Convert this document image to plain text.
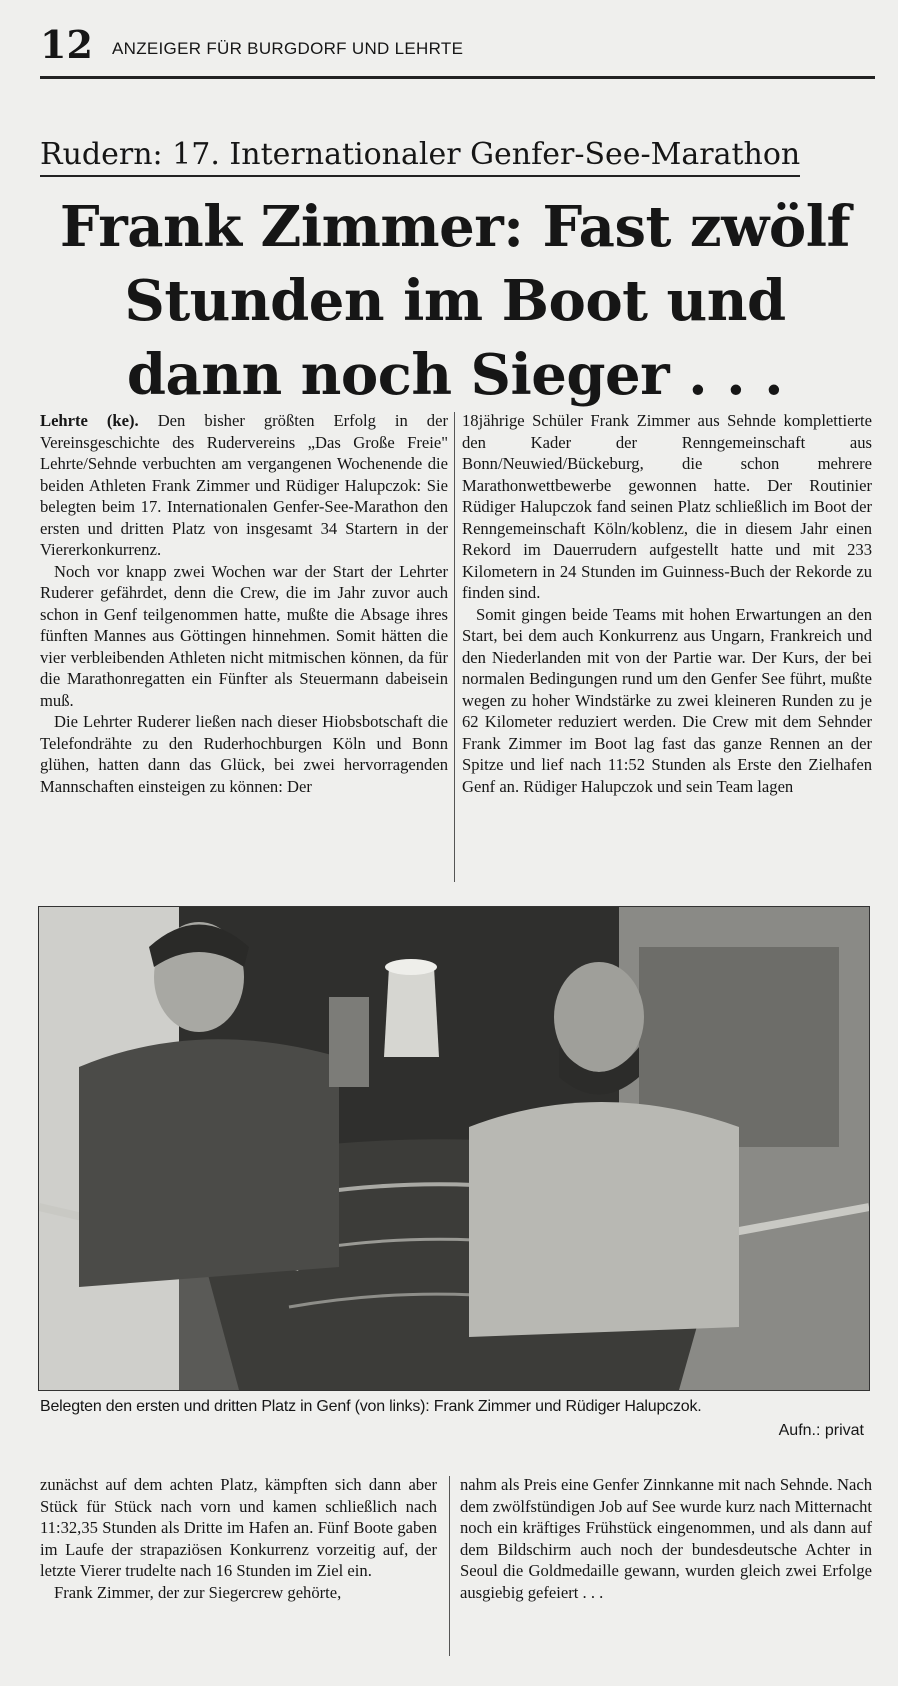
12 ANZEIGER FÜR BURGDORF UND LEHRTE
Rudern: 17. Internationaler Genfer-See-Marathon
Frank Zimmer: Fast zwölf
Stunden im Boot und
dann noch Sieger . . .

Lehrte (ke). Den bisher größten Erfolg in der Vereinsgeschichte des Rudervereins „Das Große Freie" Lehrte/Sehnde verbuchten am vergangenen Wochenende die beiden Athleten Frank Zimmer und Rüdiger Halupczok: Sie belegten beim 17. Internationalen Genfer-See-Marathon den ersten und dritten Platz von insgesamt 34 Startern in der Viererkonkurrenz.

Noch vor knapp zwei Wochen war der Start der Lehrter Ruderer gefährdet, denn die Crew, die im Jahr zuvor auch schon in Genf teilgenommen hatte, mußte die Absage ihres fünften Mannes aus Göttingen hinnehmen. Somit hätten die vier verbleibenden Athleten nicht mitmischen können, da für die Marathonregatten ein Fünfter als Steuermann dabeisein muß.

Die Lehrter Ruderer ließen nach dieser Hiobsbotschaft die Telefondrähte zu den Ruderhochburgen Köln und Bonn glühen, hatten dann das Glück, bei zwei hervorragenden Mannschaften einsteigen zu können: Der

18jährige Schüler Frank Zimmer aus Sehnde komplettierte den Kader der Renngemeinschaft aus Bonn/Neuwied/Bückeburg, die schon mehrere Marathonwettbewerbe gewonnen hatte. Der Routinier Rüdiger Halupczok fand seinen Platz schließlich im Boot der Renngemeinschaft Köln/koblenz, die in diesem Jahr einen Rekord im Dauerrudern aufgestellt hatte und mit 233 Kilometern in 24 Stunden im Guinness-Buch der Rekorde zu finden sind.

Somit gingen beide Teams mit hohen Erwartungen an den Start, bei dem auch Konkurrenz aus Ungarn, Frankreich und den Niederlanden mit von der Partie war. Der Kurs, der bei normalen Bedingungen rund um den Genfer See führt, mußte wegen zu hoher Windstärke zu zwei kleineren Runden zu je 62 Kilometer reduziert werden. Die Crew mit dem Sehnder Frank Zimmer im Boot lag fast das ganze Rennen an der Spitze und lief nach 11:52 Stunden als Erste den Zielhafen Genf an. Rüdiger Halupczok und sein Team lagen

Belegten den ersten und dritten Platz in Genf (von links): Frank Zimmer und Rüdiger Halupczok.
Aufn.: privat

zunächst auf dem achten Platz, kämpften sich dann aber Stück für Stück nach vorn und kamen schließlich nach 11:32,35 Stunden als Dritte im Hafen an. Fünf Boote gaben im Laufe der strapaziösen Konkurrenz vorzeitig auf, der letzte Vierer trudelte nach 16 Stunden im Ziel ein.

Frank Zimmer, der zur Siegercrew gehörte,

nahm als Preis eine Genfer Zinnkanne mit nach Sehnde. Nach dem zwölfstündigen Job auf See wurde kurz nach Mitternacht noch ein kräftiges Frühstück eingenommen, und als dann auf dem Bildschirm auch noch der bundesdeutsche Achter in Seoul die Goldmedaille gewann, wurden gleich zwei Erfolge ausgiebig gefeiert . . .
